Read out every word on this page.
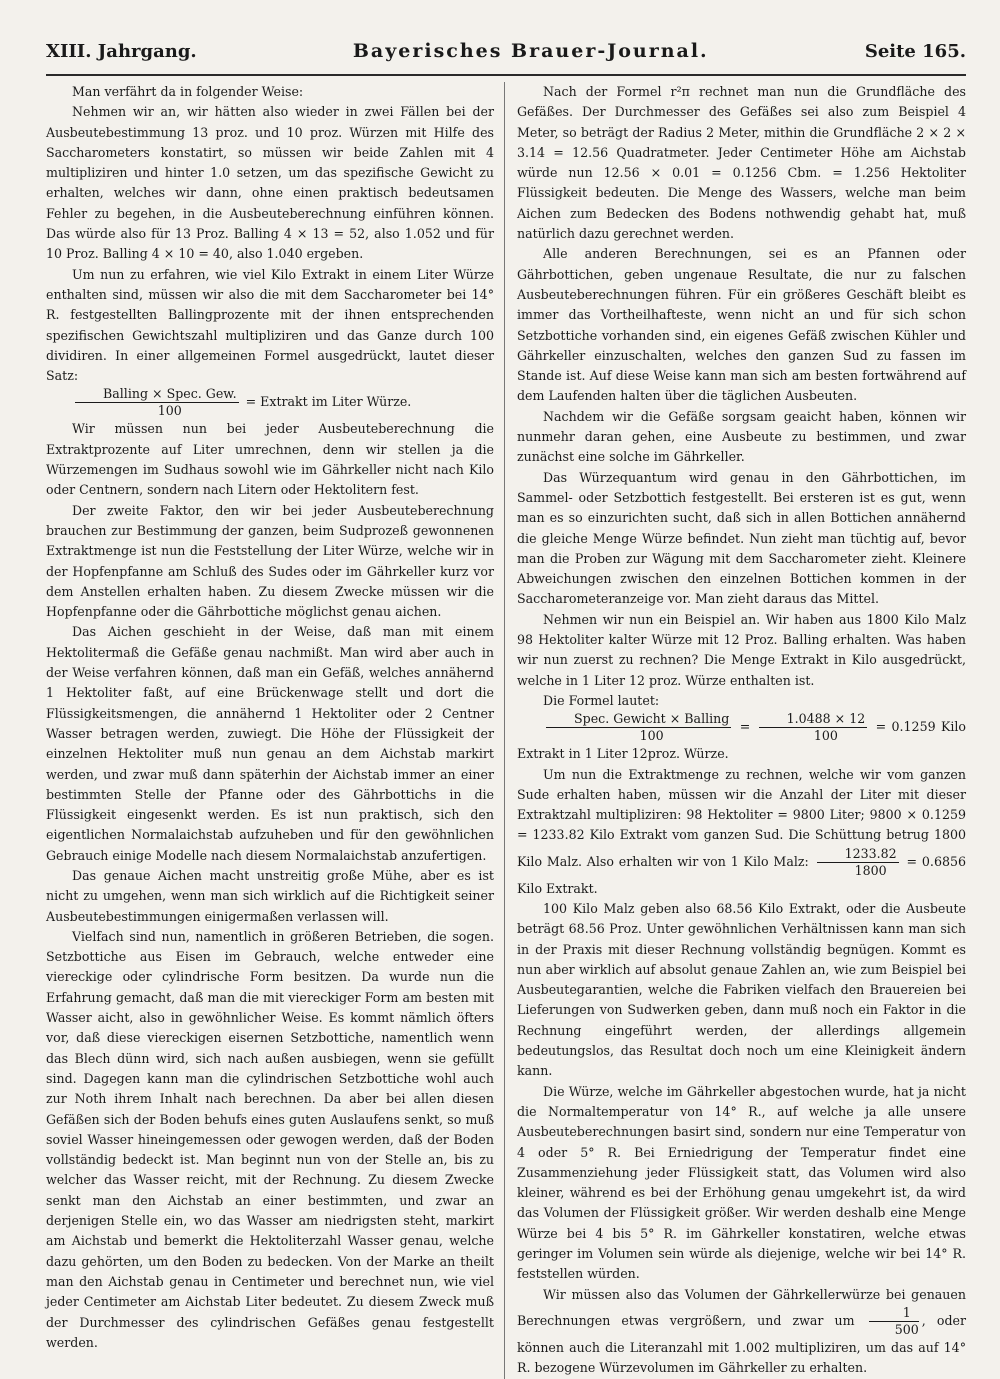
XIII. Jahrgang.	Bayerisches Brauer-Journal.	Seite 165.

Man verfährt da in folgender Weise:

Nehmen wir an, wir hätten also wieder in zwei Fällen bei der Ausbeutebestimmung 13 proz. und 10 proz. Würzen mit Hilfe des Saccharometers konstatirt, so müssen wir beide Zahlen mit 4 multipliziren und hinter 1.0 setzen, um das spezifische Gewicht zu erhalten, welches wir dann, ohne einen praktisch bedeutsamen Fehler zu begehen, in die Ausbeuteberechnung einführen können. Das würde also für 13 Proz. Balling 4 × 13 = 52, also 1.052 und für 10 Proz. Balling 4 × 10 = 40, also 1.040 ergeben.

Um nun zu erfahren, wie viel Kilo Extrakt in einem Liter Würze enthalten sind, müssen wir also die mit dem Saccharometer bei 14° R. festgestellten Ballingprozente mit der ihnen entsprechenden spezifischen Gewichtszahl multipliziren und das Ganze durch 100 dividiren. In einer allgemeinen Formel ausgedrückt, lautet dieser Satz:

$\frac{\text{Balling × Spec. Gew.}}{100}$ = Extrakt im Liter Würze.

Wir müssen nun bei jeder Ausbeuteberechnung die Extraktprozente auf Liter umrechnen, denn wir stellen ja die Würzemengen im Sudhaus sowohl wie im Gährkeller nicht nach Kilo oder Centnern, sondern nach Litern oder Hektolitern fest.

Der zweite Faktor, den wir bei jeder Ausbeuteberechnung brauchen zur Bestimmung der ganzen, beim Sudprozeß gewonnenen Extraktmenge ist nun die Feststellung der Liter Würze, welche wir in der Hopfenpfanne am Schluß des Sudes oder im Gährkeller kurz vor dem Anstellen erhalten haben. Zu diesem Zwecke müssen wir die Hopfenpfanne oder die Gährbottiche möglichst genau aichen.

Das Aichen geschieht in der Weise, daß man mit einem Hektolitermaß die Gefäße genau nachmißt. Man wird aber auch in der Weise verfahren können, daß man ein Gefäß, welches annähernd 1 Hektoliter faßt, auf eine Brückenwage stellt und dort die Flüssigkeitsmengen, die annähernd 1 Hektoliter oder 2 Centner Wasser betragen werden, zuwiegt. Die Höhe der Flüssigkeit der einzelnen Hektoliter muß nun genau an dem Aichstab markirt werden, und zwar muß dann späterhin der Aichstab immer an einer bestimmten Stelle der Pfanne oder des Gährbottichs in die Flüssigkeit eingesenkt werden. Es ist nun praktisch, sich den eigentlichen Normalaichstab aufzuheben und für den gewöhnlichen Gebrauch einige Modelle nach diesem Normalaichstab anzufertigen.

Das genaue Aichen macht unstreitig große Mühe, aber es ist nicht zu umgehen, wenn man sich wirklich auf die Richtigkeit seiner Ausbeutebestimmungen einigermaßen verlassen will.

Vielfach sind nun, namentlich in größeren Betrieben, die sogen. Setzbottiche aus Eisen im Gebrauch, welche entweder eine viereckige oder cylindrische Form besitzen. Da wurde nun die Erfahrung gemacht, daß man die mit viereckiger Form am besten mit Wasser aicht, also in gewöhnlicher Weise. Es kommt nämlich öfters vor, daß diese viereckigen eisernen Setzbottiche, namentlich wenn das Blech dünn wird, sich nach außen ausbiegen, wenn sie gefüllt sind. Dagegen kann man die cylindrischen Setzbottiche wohl auch zur Noth ihrem Inhalt nach berechnen. Da aber bei allen diesen Gefäßen sich der Boden behufs eines guten Auslaufens senkt, so muß soviel Wasser hineingemessen oder gewogen werden, daß der Boden vollständig bedeckt ist. Man beginnt nun von der Stelle an, bis zu welcher das Wasser reicht, mit der Rechnung. Zu diesem Zwecke senkt man den Aichstab an einer bestimmten, und zwar an derjenigen Stelle ein, wo das Wasser am niedrigsten steht, markirt am Aichstab und bemerkt die Hektoliterzahl Wasser genau, welche dazu gehörten, um den Boden zu bedecken. Von der Marke an theilt man den Aichstab genau in Centimeter und berechnet nun, wie viel jeder Centimeter am Aichstab Liter bedeutet. Zu diesem Zweck muß der Durchmesser des cylindrischen Gefäßes genau festgestellt werden.

Nach der Formel r²π rechnet man nun die Grundfläche des Gefäßes. Der Durchmesser des Gefäßes sei also zum Beispiel 4 Meter, so beträgt der Radius 2 Meter, mithin die Grundfläche 2 × 2 × 3.14 = 12.56 Quadratmeter. Jeder Centimeter Höhe am Aichstab würde nun 12.56 × 0.01 = 0.1256 Cbm. = 1.256 Hektoliter Flüssigkeit bedeuten. Die Menge des Wassers, welche man beim Aichen zum Bedecken des Bodens nothwendig gehabt hat, muß natürlich dazu gerechnet werden.

Alle anderen Berechnungen, sei es an Pfannen oder Gährbottichen, geben ungenaue Resultate, die nur zu falschen Ausbeuteberechnungen führen. Für ein größeres Geschäft bleibt es immer das Vortheilhafteste, wenn nicht an und für sich schon Setzbottiche vorhanden sind, ein eigenes Gefäß zwischen Kühler und Gährkeller einzuschalten, welches den ganzen Sud zu fassen im Stande ist. Auf diese Weise kann man sich am besten fortwährend auf dem Laufenden halten über die täglichen Ausbeuten.

Nachdem wir die Gefäße sorgsam geaicht haben, können wir nunmehr daran gehen, eine Ausbeute zu bestimmen, und zwar zunächst eine solche im Gährkeller.

Das Würzequantum wird genau in den Gährbottichen, im Sammel- oder Setzbottich festgestellt. Bei ersteren ist es gut, wenn man es so einzurichten sucht, daß sich in allen Bottichen annähernd die gleiche Menge Würze befindet. Nun zieht man tüchtig auf, bevor man die Proben zur Wägung mit dem Saccharometer zieht. Kleinere Abweichungen zwischen den einzelnen Bottichen kommen in der Saccharometeranzeige vor. Man zieht daraus das Mittel.

Nehmen wir nun ein Beispiel an. Wir haben aus 1800 Kilo Malz 98 Hektoliter kalter Würze mit 12 Proz. Balling erhalten. Was haben wir nun zuerst zu rechnen? Die Menge Extrakt in Kilo ausgedrückt, welche in 1 Liter 12 proz. Würze enthalten ist.

Die Formel lautet:

$\frac{\text{Spec. Gewicht × Balling}}{100} = \frac{1.0488 \times 12}{100} = 0.1259$ Kilo Extrakt in 1 Liter 12proz. Würze.

Um nun die Extraktmenge zu rechnen, welche wir vom ganzen Sude erhalten haben, müssen wir die Anzahl der Liter mit dieser Extraktzahl multipliziren: 98 Hektoliter = 9800 Liter; 9800 × 0.1259 = 1233.82 Kilo Extrakt vom ganzen Sud. Die Schüttung betrug 1800 Kilo Malz. Also erhalten wir von 1 Kilo Malz: $\frac{1233.82}{1800} = 0.6856$ Kilo Extrakt.

100 Kilo Malz geben also 68.56 Kilo Extrakt, oder die Ausbeute beträgt 68.56 Proz. Unter gewöhnlichen Verhältnissen kann man sich in der Praxis mit dieser Rechnung vollständig begnügen. Kommt es nun aber wirklich auf absolut genaue Zahlen an, wie zum Beispiel bei Ausbeutegarantien, welche die Fabriken vielfach den Brauereien bei Lieferungen von Sudwerken geben, dann muß noch ein Faktor in die Rechnung eingeführt werden, der allerdings allgemein bedeutungslos, das Resultat doch noch um eine Kleinigkeit ändern kann.

Die Würze, welche im Gährkeller abgestochen wurde, hat ja nicht die Normaltemperatur von 14° R., auf welche ja alle unsere Ausbeuteberechnungen basirt sind, sondern nur eine Temperatur von 4 oder 5° R. Bei Erniedrigung der Temperatur findet eine Zusammenziehung jeder Flüssigkeit statt, das Volumen wird also kleiner, während es bei der Erhöhung genau umgekehrt ist, da wird das Volumen der Flüssigkeit größer. Wir werden deshalb eine Menge Würze bei 4 bis 5° R. im Gährkeller konstatiren, welche etwas geringer im Volumen sein würde als diejenige, welche wir bei 14° R. feststellen würden.

Wir müssen also das Volumen der Gährkellerwürze bei genauen Berechnungen etwas vergrößern, und zwar um $\frac{1}{500}$ , oder können auch die Literanzahl mit 1.002 multipliziren, um das auf 14° R. bezogene Würzevolumen im Gährkeller zu erhalten.
